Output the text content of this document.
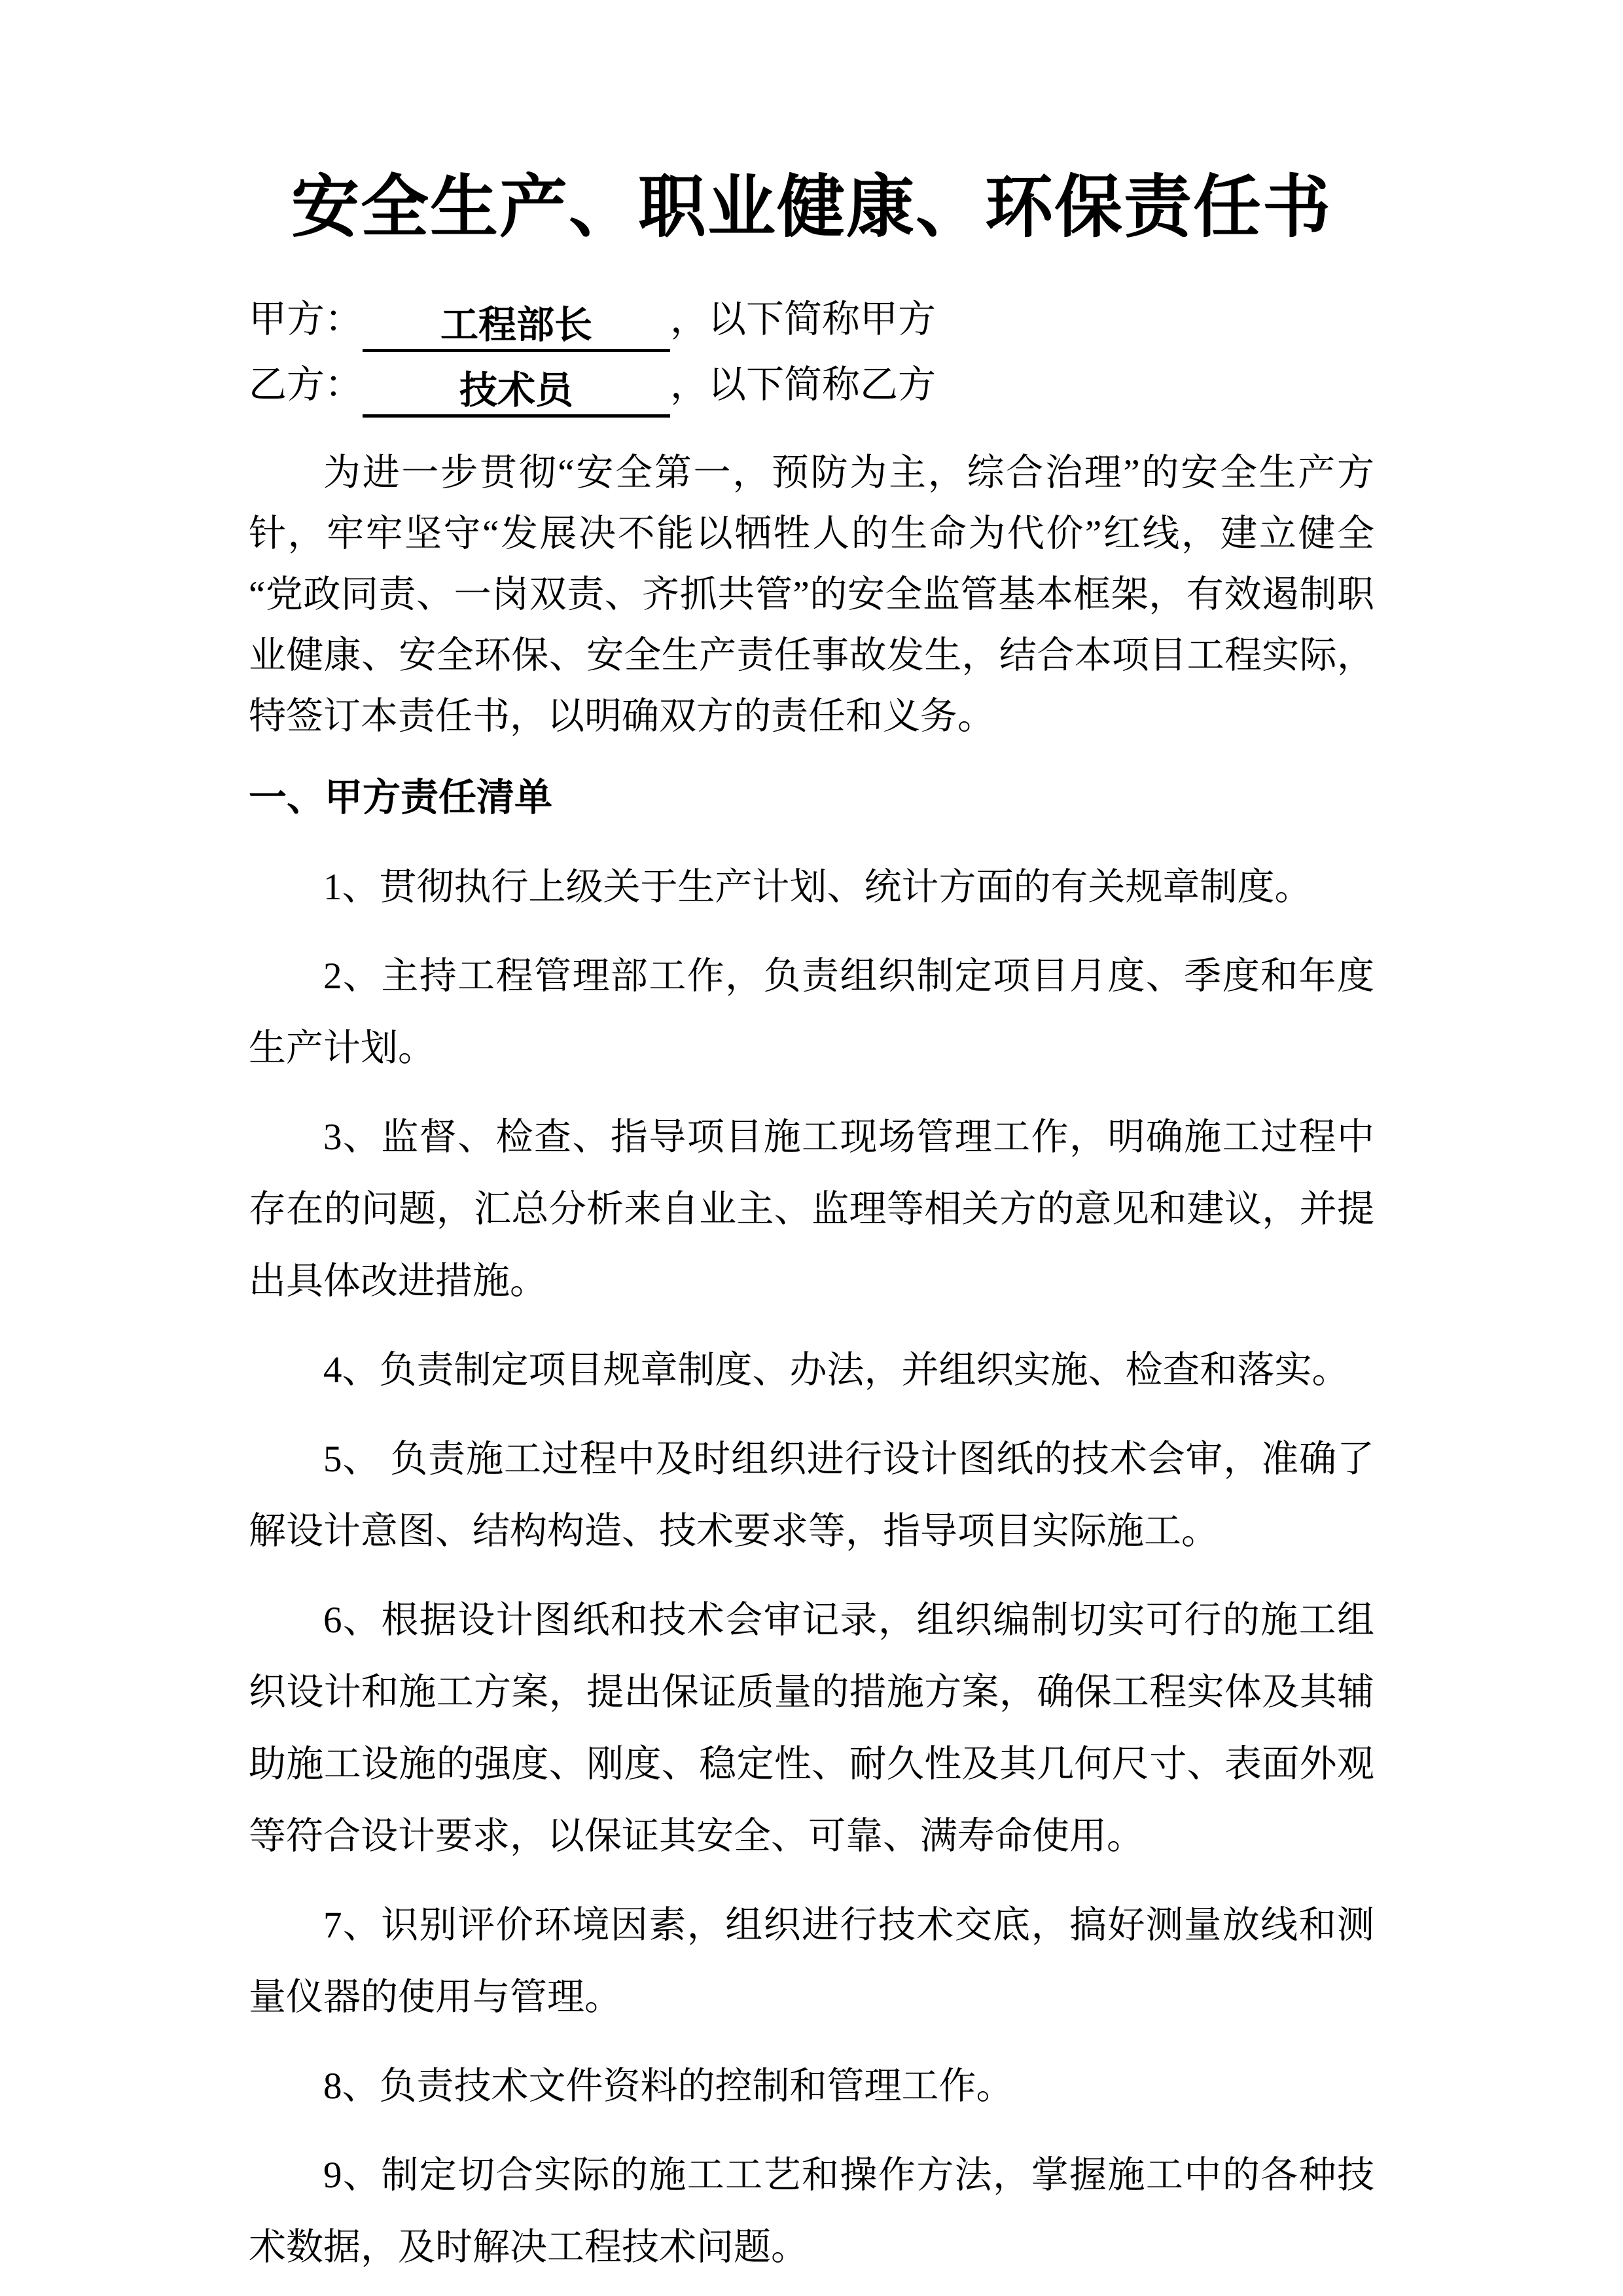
安全生产、职业健康、环保责任书

甲方： 工程部长 ，以下简称甲方

乙方：	技术员	，以下简称乙方

为进一步贯彻“安全第一，预防为主，综合治理”的安全生产方针，牢牢坚守“发展决不能以牺牲人的生命为代价”红线，建立健全“党政同责、一岗双责、齐抓共管”的安全监管基本框架，有效遏制职业健康、安全环保、安全生产责任事故发生，结合本项目工程实际，特签订本责任书，以明确双方的责任和义务。

一、甲方责任清单

1、贯彻执行上级关于生产计划、统计方面的有关规章制度。

2、主持工程管理部工作，负责组织制定项目月度、季度和年度生产计划。

3、监督、检查、指导项目施工现场管理工作，明确施工过程中存在的问题，汇总分析来自业主、监理等相关方的意见和建议，并提出具体改进措施。

4、负责制定项目规章制度、办法，并组织实施、检查和落实。

5、 负责施工过程中及时组织进行设计图纸的技术会审，准确了解设计意图、结构构造、技术要求等，指导项目实际施工。

6、根据设计图纸和技术会审记录，组织编制切实可行的施工组织设计和施工方案，提出保证质量的措施方案，确保工程实体及其辅助施工设施的强度、刚度、稳定性、耐久性及其几何尺寸、表面外观等符合设计要求，以保证其安全、可靠、满寿命使用。

7、识别评价环境因素，组织进行技术交底，搞好测量放线和测量仪器的使用与管理。

8、负责技术文件资料的控制和管理工作。

9、制定切合实际的施工工艺和操作方法，掌握施工中的各种技术数据，及时解决工程技术问题。
